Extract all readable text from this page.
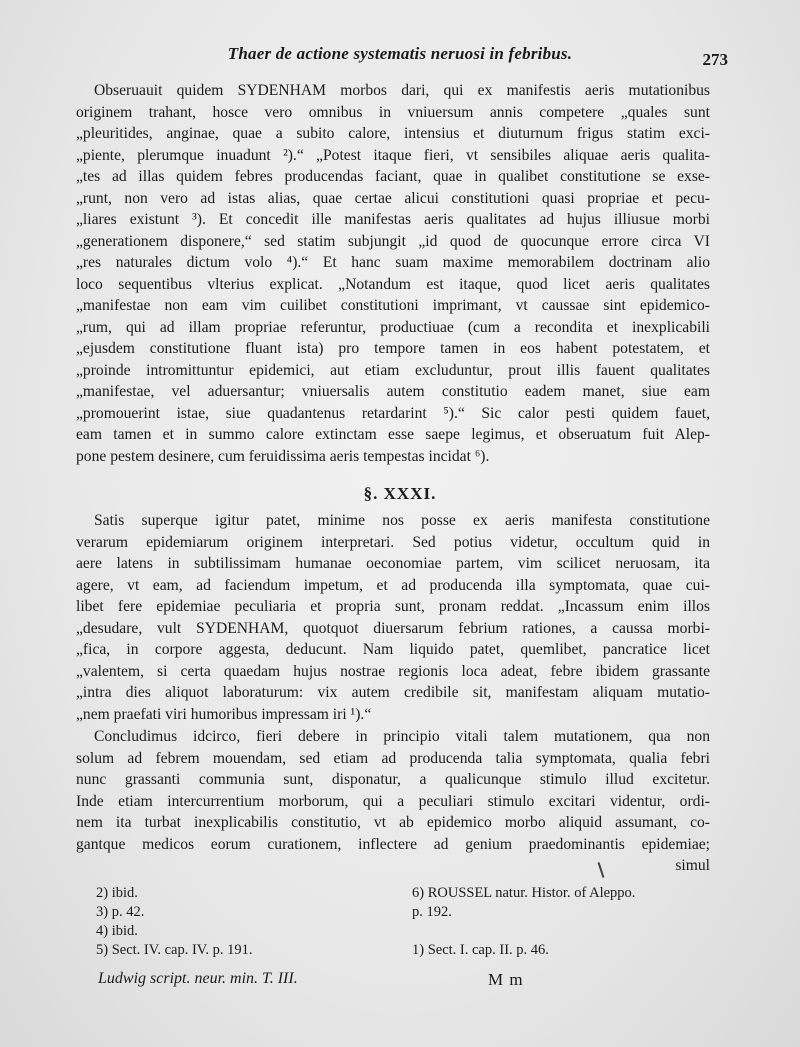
Thaer de actione systematis neruosi in febribus.	273
Obseruauit quidem SYDENHAM morbos dari, qui ex manifestis aeris mutationibus
originem trahant, hosce vero omnibus in vniuersum annis competere „quales sunt
„pleuritides, anginae, quae a subito calore, intensius et diuturnum frigus statim exci-
„piente, plerumque inuadunt ²).“ „Potest itaque fieri, vt sensibiles aliquae aeris qualita-
„tes ad illas quidem febres producendas faciant, quae in qualibet constitutione se exse-
„runt, non vero ad istas alias, quae certae alicui constitutioni quasi propriae et pecu-
„liares existunt ³). Et concedit ille manifestas aeris qualitates ad hujus illiusue morbi
„generationem disponere,“ sed statim subjungit „id quod de quocunque errore circa VI
„res naturales dictum volo ⁴).“ Et hanc suam maxime memorabilem doctrinam alio
loco sequentibus vlterius explicat. „Notandum est itaque, quod licet aeris qualitates
„manifestae non eam vim cuilibet constitutioni imprimant, vt caussae sint epidemico-
„rum, qui ad illam propriae referuntur, productiuae (cum a recondita et inexplicabili
„ejusdem constitutione fluant ista) pro tempore tamen in eos habent potestatem, et
„proinde intromittuntur epidemici, aut etiam excluduntur, prout illis fauent qualitates
„manifestae, vel aduersantur; vniuersalis autem constitutio eadem manet, siue eam
„promouerint istae, siue quadantenus retardarint ⁵).“ Sic calor pesti quidem fauet,
eam tamen et in summo calore extinctam esse saepe legimus, et obseruatum fuit Alep-
pone pestem desinere, cum feruidissima aeris tempestas incidat ⁶).
§. XXXI.
Satis superque igitur patet, minime nos posse ex aeris manifesta constitutione
verarum epidemiarum originem interpretari. Sed potius videtur, occultum quid in
aere latens in subtilissimam humanae oeconomiae partem, vim scilicet neruosam, ita
agere, vt eam, ad faciendum impetum, et ad producenda illa symptomata, quae cui-
libet fere epidemiae peculiaria et propria sunt, pronam reddat. „Incassum enim illos
„desudare, vult SYDENHAM, quotquot diuersarum febrium rationes, a caussa morbi-
„fica, in corpore aggesta, deducunt. Nam liquido patet, quemlibet, pancratice licet
„valentem, si certa quaedam hujus nostrae regionis loca adeat, febre ibidem grassante
„intra dies aliquot laboraturum: vix autem credibile sit, manifestam aliquam mutatio-
„nem praefati viri humoribus impressam iri ¹).“
Concludimus idcirco, fieri debere in principio vitali talem mutationem, qua non
solum ad febrem mouendam, sed etiam ad producenda talia symptomata, qualia febri
nunc grassanti communia sunt, disponatur, a qualicunque stimulo illud excitetur.
Inde etiam intercurrentium morborum, qui a peculiari stimulo excitari videntur, ordi-
nem ita turbat inexplicabilis constitutio, vt ab epidemico morbo aliquid assumant, co-
gantque medicos eorum curationem, inflectere ad genium praedominantis epidemiae;
simul
2) ibid.
3) p. 42.
4) ibid.
5) Sect. IV. cap. IV. p. 191.
6) ROUSSEL natur. Histor. of Aleppo.
p. 192.
1) Sect. I. cap. II. p. 46.
Ludwig script. neur. min. T. III.	M m
